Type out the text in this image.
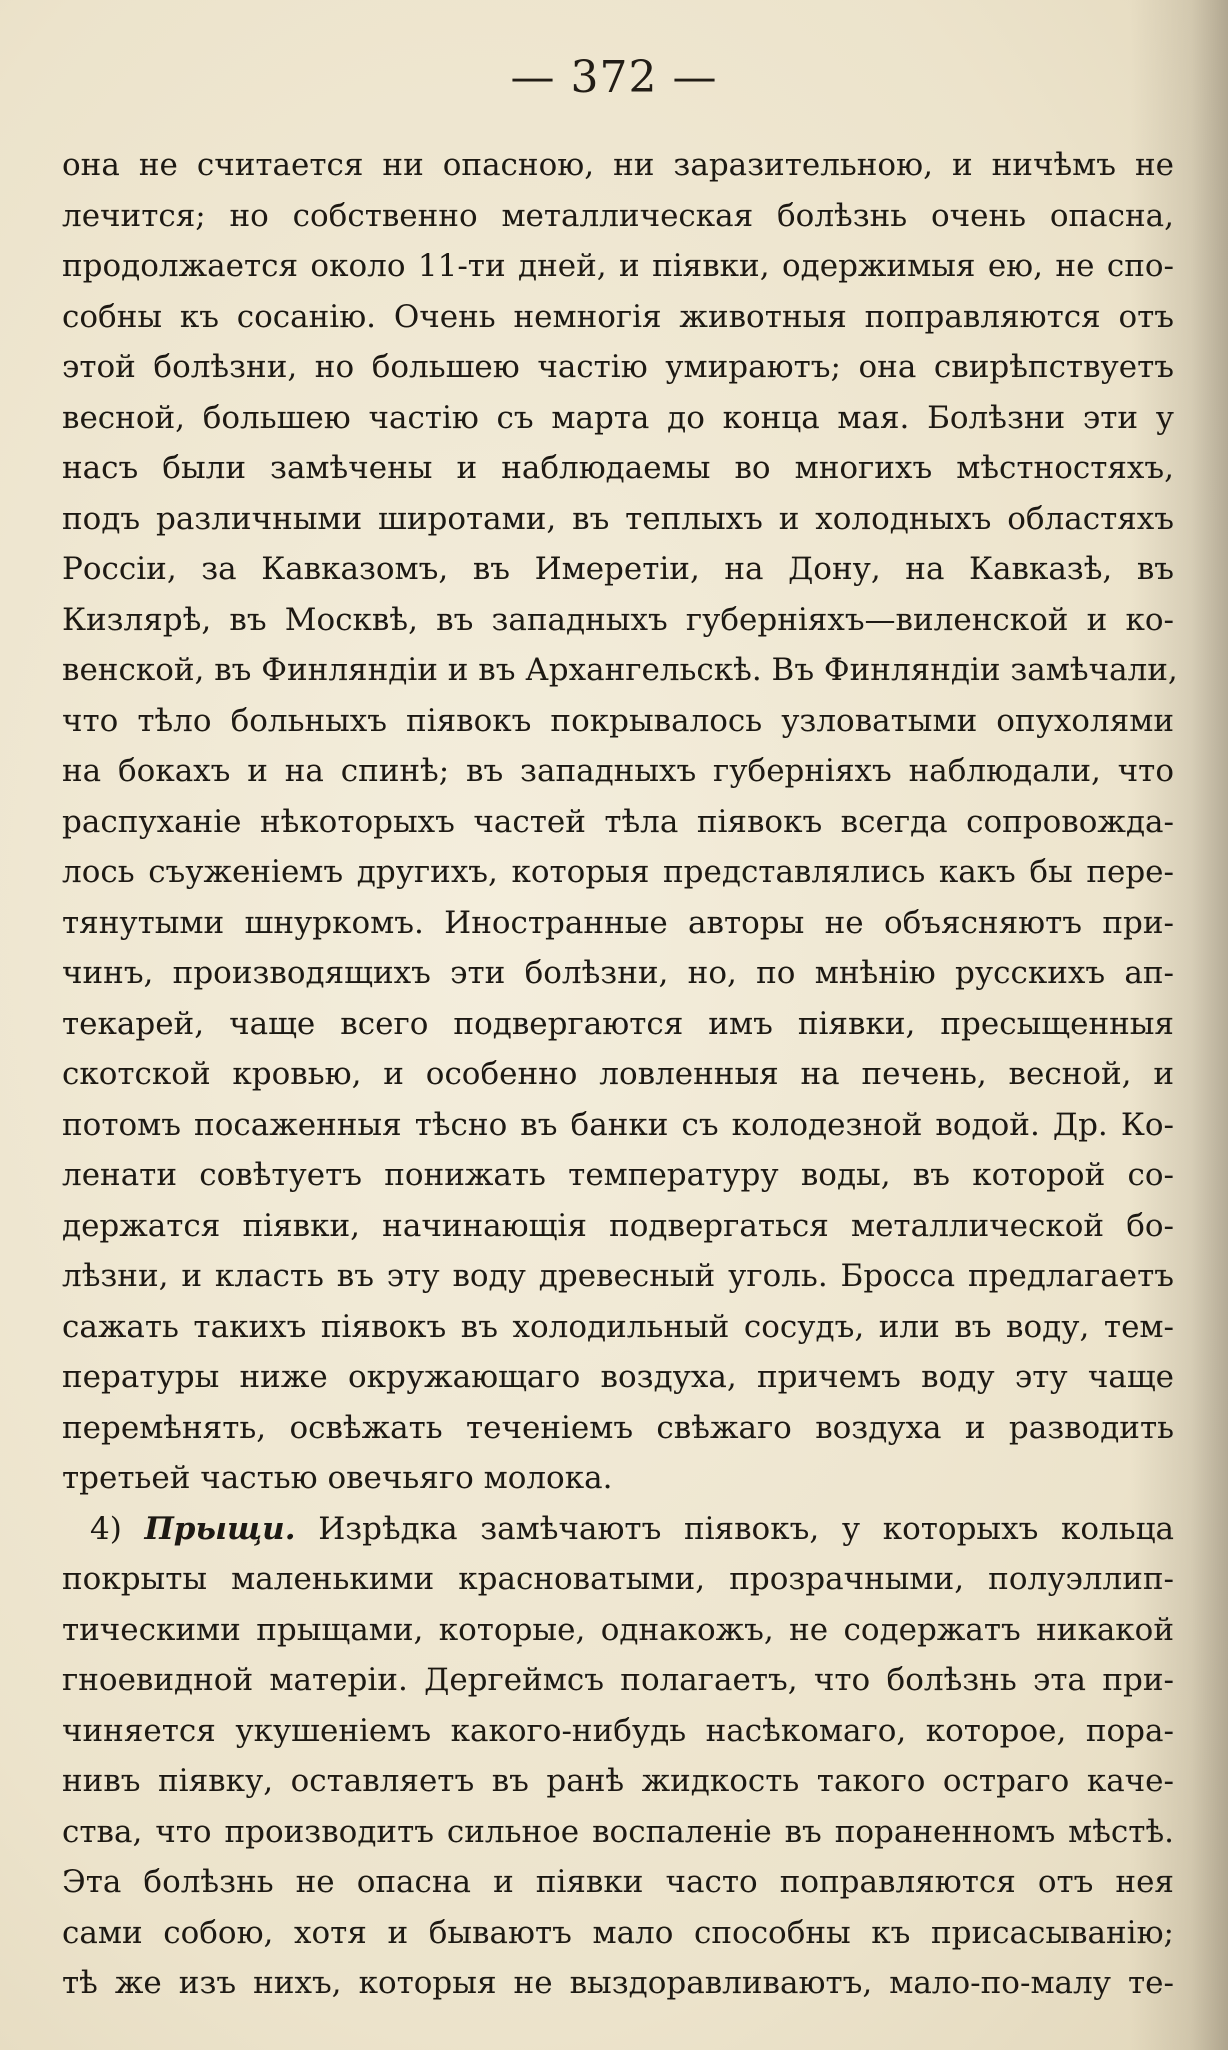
— 372 —
она не считается ни опасною, ни заразительною, и ничѣмъ не
лечится; но собственно металлическая болѣзнь очень опасна,
продолжается около 11-ти дней, и піявки, одержимыя ею, не спо-
собны къ сосанію. Очень немногія животныя поправляются отъ
этой болѣзни, но большею частію умираютъ; она свирѣпствуетъ
весной, большею частію съ марта до конца мая. Болѣзни эти у
насъ были замѣчены и наблюдаемы во многихъ мѣстностяхъ,
подъ различными широтами, въ теплыхъ и холодныхъ областяхъ
Россіи, за Кавказомъ, въ Имеретіи, на Дону, на Кавказѣ, въ
Кизлярѣ, въ Москвѣ, въ западныхъ губерніяхъ—виленской и ко-
венской, въ Финляндіи и въ Архангельскѣ. Въ Финляндіи замѣчали,
что тѣло больныхъ піявокъ покрывалось узловатыми опухолями
на бокахъ и на спинѣ; въ западныхъ губерніяхъ наблюдали, что
распуханіе нѣкоторыхъ частей тѣла піявокъ всегда сопровожда-
лось съуженіемъ другихъ, которыя представлялись какъ бы пере-
тянутыми шнуркомъ. Иностранные авторы не объясняютъ при-
чинъ, производящихъ эти болѣзни, но, по мнѣнію русскихъ ап-
текарей, чаще всего подвергаются имъ піявки, пресыщенныя
скотской кровью, и особенно ловленныя на печень, весной, и
потомъ посаженныя тѣсно въ банки съ колодезной водой. Др. Ко-
ленати совѣтуетъ понижать температуру воды, въ которой со-
держатся піявки, начинающія подвергаться металлической бо-
лѣзни, и класть въ эту воду древесный уголь. Бросса предлагаетъ
сажать такихъ піявокъ въ холодильный сосудъ, или въ воду, тем-
пературы ниже окружающаго воздуха, причемъ воду эту чаще
перемѣнять, освѣжать теченіемъ свѣжаго воздуха и разводить
третьей частью овечьяго молока.
4) Прыщи. Изрѣдка замѣчаютъ піявокъ, у которыхъ кольца
покрыты маленькими красноватыми, прозрачными, полуэллип-
тическими прыщами, которые, однакожъ, не содержатъ никакой
гноевидной матеріи. Дергеймсъ полагаетъ, что болѣзнь эта при-
чиняется укушеніемъ какого-нибудь насѣкомаго, которое, пора-
нивъ піявку, оставляетъ въ ранѣ жидкость такого остраго каче-
ства, что производитъ сильное воспаленіе въ пораненномъ мѣстѣ.
Эта болѣзнь не опасна и піявки часто поправляются отъ нея
сами собою, хотя и бываютъ мало способны къ присасыванію;
тѣ же изъ нихъ, которыя не выздоравливаютъ, мало-по-малу те-
